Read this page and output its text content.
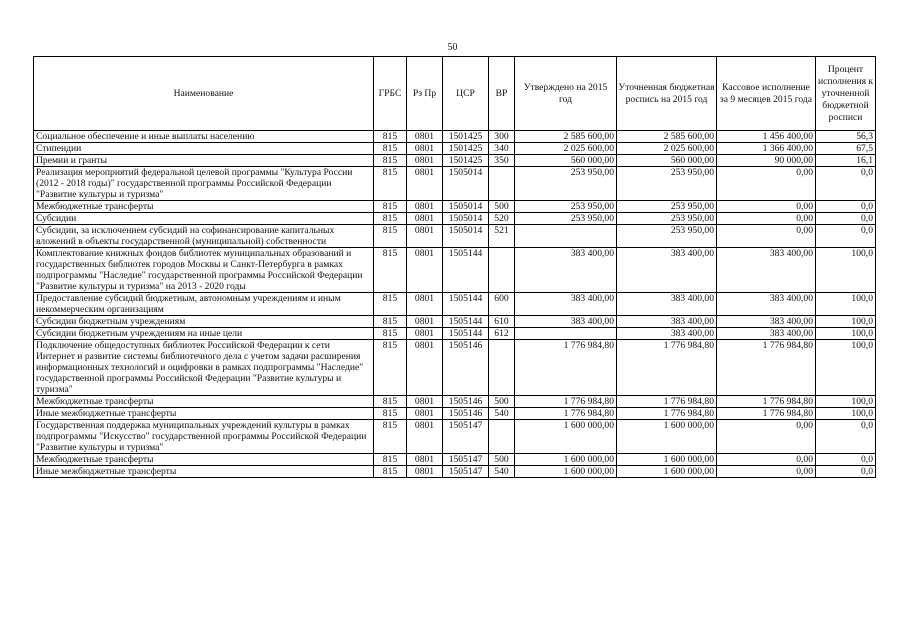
50
Наименование	ГРБС	Рз Пр	ЦСР	ВР	Утверждено на 2015 год	Уточненная бюджетная роспись на 2015 год	Кассовое исполнение за 9 месяцев 2015 года	Процент исполнения к уточненной бюджетной росписи
Социальное обеспечение и иные выплаты населению	815	0801	1501425	300	2 585 600,00	2 585 600,00	1 456 400,00	56,3
Стипендии	815	0801	1501425	340	2 025 600,00	2 025 600,00	1 366 400,00	67,5
Премии и гранты	815	0801	1501425	350	560 000,00	560 000,00	90 000,00	16,1
Реализация мероприятий федеральной целевой программы "Культура России (2012 - 2018 годы)" государственной программы Российской Федерации "Развитие культуры и туризма"	815	0801	1505014		253 950,00	253 950,00	0,00	0,0
Межбюджетные трансферты	815	0801	1505014	500	253 950,00	253 950,00	0,00	0,0
Субсидии	815	0801	1505014	520	253 950,00	253 950,00	0,00	0,0
Субсидии, за исключением субсидий на софинансирование капитальных вложений в объекты государственной (муниципальной) собственности	815	0801	1505014	521		253 950,00	0,00	0,0
Комплектование книжных фондов библиотек муниципальных образований и государственных библиотек городов Москвы и Санкт-Петербурга в рамках подпрограммы "Наследие" государственной программы Российской Федерации "Развитие культуры и туризма" на 2013 - 2020 годы	815	0801	1505144		383 400,00	383 400,00	383 400,00	100,0
Предоставление субсидий бюджетным, автономным учреждениям и иным некоммерческим организациям	815	0801	1505144	600	383 400,00	383 400,00	383 400,00	100,0
Субсидии бюджетным учреждениям	815	0801	1505144	610	383 400,00	383 400,00	383 400,00	100,0
Субсидии бюджетным учреждениям на иные цели	815	0801	1505144	612		383 400,00	383 400,00	100,0
Подключение общедоступных библиотек Российской Федерации к сети Интернет и развитие системы библиотечного дела с учетом задачи расширения информационных технологий и оцифровки в рамках подпрограммы "Наследие" государственной программы Российской Федерации "Развитие культуры и туризма"	815	0801	1505146		1 776 984,80	1 776 984,80	1 776 984,80	100,0
Межбюджетные трансферты	815	0801	1505146	500	1 776 984,80	1 776 984,80	1 776 984,80	100,0
Иные межбюджетные трансферты	815	0801	1505146	540	1 776 984,80	1 776 984,80	1 776 984,80	100,0
Государственная поддержка муниципальных учреждений культуры в рамках подпрограммы "Искусство" государственной программы Российской Федерации "Развитие культуры и туризма"	815	0801	1505147		1 600 000,00	1 600 000,00	0,00	0,0
Межбюджетные трансферты	815	0801	1505147	500	1 600 000,00	1 600 000,00	0,00	0,0
Иные межбюджетные трансферты	815	0801	1505147	540	1 600 000,00	1 600 000,00	0,00	0,0
